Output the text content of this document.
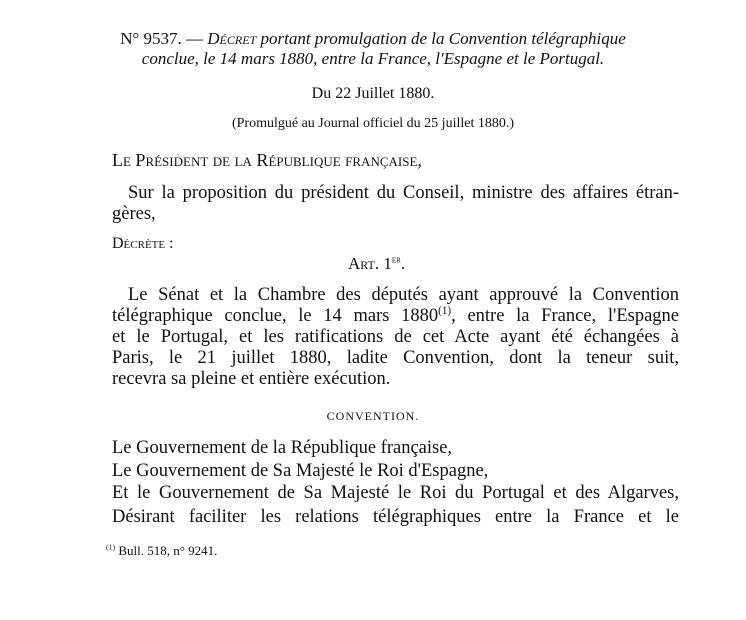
N° 9537. — Décret portant promulgation de la Convention télégraphique
conclue, le 14 mars 1880, entre la France, l'Espagne et le Portugal.
Du 22 Juillet 1880.
(Promulgué au Journal officiel du 25 juillet 1880.)
Le Président de la République française,
Sur la proposition du président du Conseil, ministre des affaires étran-
gères,
Décrète :
Art. 1er.
Le Sénat et la Chambre des députés ayant approuvé la Convention
télégraphique conclue, le 14 mars 1880$^{(1)}$, entre la France, l'Espagne
et le Portugal, et les ratifications de cet Acte ayant été échangées à
Paris, le 21 juillet 1880, ladite Convention, dont la teneur suit,
recevra sa pleine et entière exécution.
CONVENTION.
Le Gouvernement de la République française,
Le Gouvernement de Sa Majesté le Roi d'Espagne,
Et le Gouvernement de Sa Majesté le Roi du Portugal et des Algarves,
Désirant faciliter les relations télégraphiques entre la France et le
$^{(1)}$ Bull. 518, n° 9241.
